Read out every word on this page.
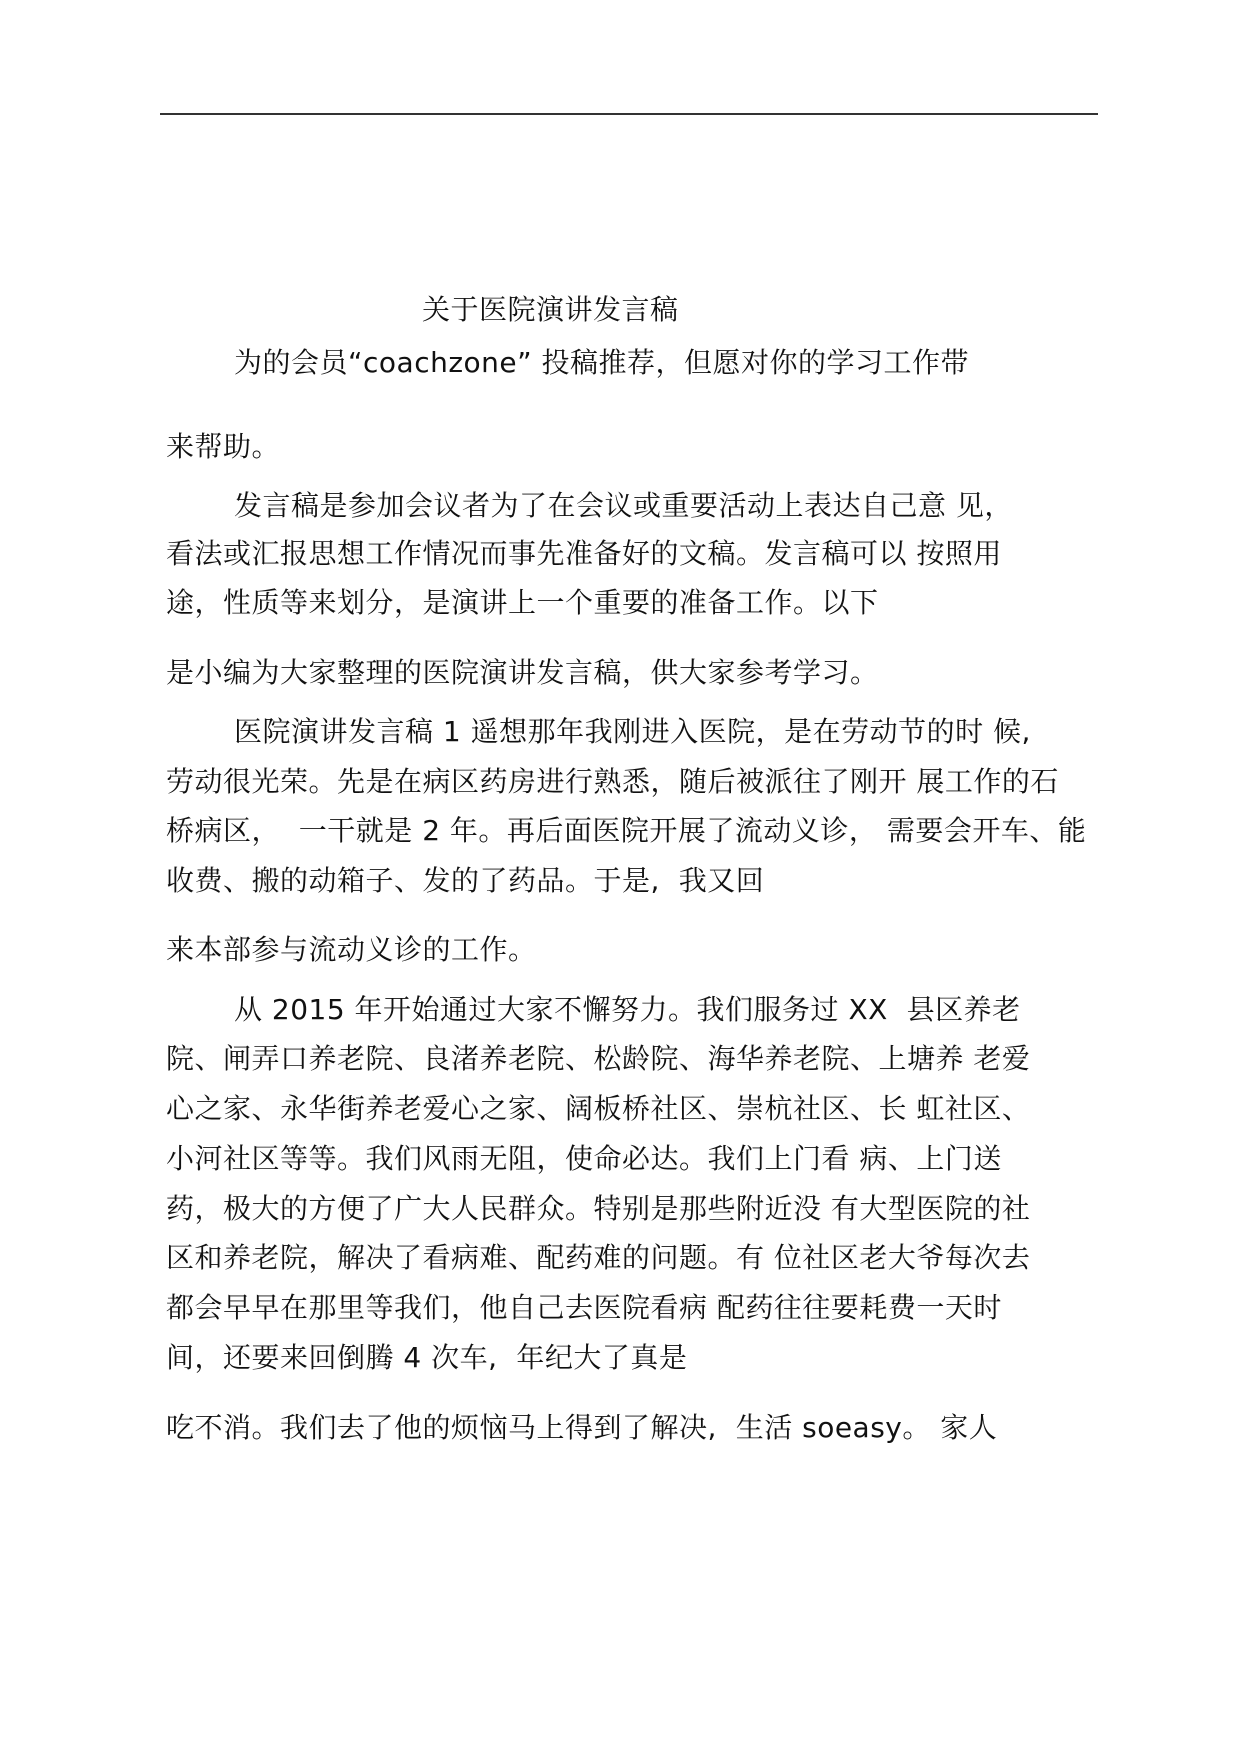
关于医院演讲发言稿
为的会员“coachzone” 投稿推荐，但愿对你的学习工作带
来帮助。
发言稿是参加会议者为了在会议或重要活动上表达自己意 见，
看法或汇报思想工作情况而事先准备好的文稿。发言稿可以 按照用
途，性质等来划分，是演讲上一个重要的准备工作。以下
是小编为大家整理的医院演讲发言稿，供大家参考学习。
医院演讲发言稿 1 遥想那年我刚进入医院，是在劳动节的时 候,
劳动很光荣。先是在病区药房进行熟悉，随后被派往了刚开 展工作的石
桥病区，  一干就是 2 年。再后面医院开展了流动义诊， 需要会开车、能
收费、搬的动箱子、发的了药品。于是,  我又回
来本部参与流动义诊的工作。
从 2015 年开始通过大家不懈努力。我们服务过 XX  县区养老
院、闸弄口养老院、良渚养老院、松龄院、海华养老院、上塘养 老爱
心之家、永华街养老爱心之家、阔板桥社区、崇杭社区、长 虹社区、
小河社区等等。我们风雨无阻，使命必达。我们上门看 病、上门送
药，极大的方便了广大人民群众。特别是那些附近没 有大型医院的社
区和养老院，解决了看病难、配药难的问题。有 位社区老大爷每次去
都会早早在那里等我们，他自己去医院看病 配药往往要耗费一天时
间，还要来回倒腾 4 次车,  年纪大了真是
吃不消。我们去了他的烦恼马上得到了解决,  生活 soeasy。 家人
